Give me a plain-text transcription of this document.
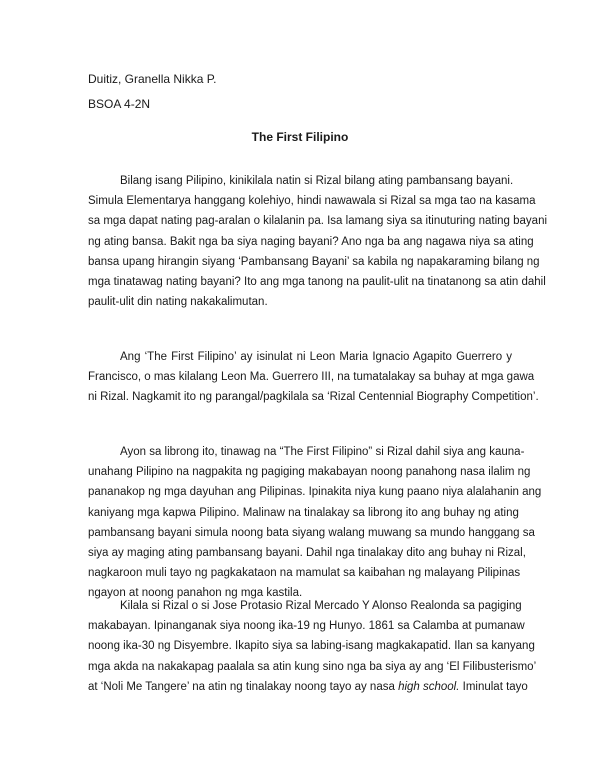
Duitiz, Granella Nikka P.

BSOA 4-2N

The First Filipino

Bilang isang Pilipino, kinikilala natin si Rizal bilang ating pambansang bayani.
Simula Elementarya hanggang kolehiyo, hindi nawawala si Rizal sa mga tao na kasama
sa mga dapat nating pag-aralan o kilalanin pa. Isa lamang siya sa itinuturing nating bayani
ng ating bansa. Bakit nga ba siya naging bayani? Ano nga ba ang nagawa niya sa ating
bansa upang hirangin siyang ‘Pambansang Bayani’ sa kabila ng napakaraming bilang ng
mga tinatawag nating bayani? Ito ang mga tanong na paulit-ulit na tinatanong sa atin dahil
paulit-ulit din nating nakakalimutan.

Ang ‘The First Filipino’ ay isinulat ni Leon Maria Ignacio Agapito Guerrero y
Francisco, o mas kilalang Leon Ma. Guerrero III, na tumatalakay sa buhay at mga gawa
ni Rizal. Nagkamit ito ng parangal/pagkilala sa ‘Rizal Centennial Biography Competition’.

Ayon sa librong ito, tinawag na “The First Filipino” si Rizal dahil siya ang kauna-
unahang Pilipino na nagpakita ng pagiging makabayan noong panahong nasa ilalim ng
pananakop ng mga dayuhan ang Pilipinas. Ipinakita niya kung paano niya alalahanin ang
kaniyang mga kapwa Pilipino. Malinaw na tinalakay sa librong ito ang buhay ng ating
pambansang bayani simula noong bata siyang walang muwang sa mundo hanggang sa
siya ay maging ating pambansang bayani. Dahil nga tinalakay dito ang buhay ni Rizal,
nagkaroon muli tayo ng pagkakataon na mamulat sa kaibahan ng malayang Pilipinas
ngayon at noong panahon ng mga kastila.

Kilala si Rizal o si Jose Protasio Rizal Mercado Y Alonso Realonda sa pagiging
makabayan. Ipinanganak siya noong ika-19 ng Hunyo. 1861 sa Calamba at pumanaw
noong ika-30 ng Disyembre. Ikapito siya sa labing-isang magkakapatid. Ilan sa kanyang
mga akda na nakakapag paalala sa atin kung sino nga ba siya ay ang ‘El Filibusterismo’
at ‘Noli Me Tangere’ na atin ng tinalakay noong tayo ay nasa high school. Iminulat tayo
